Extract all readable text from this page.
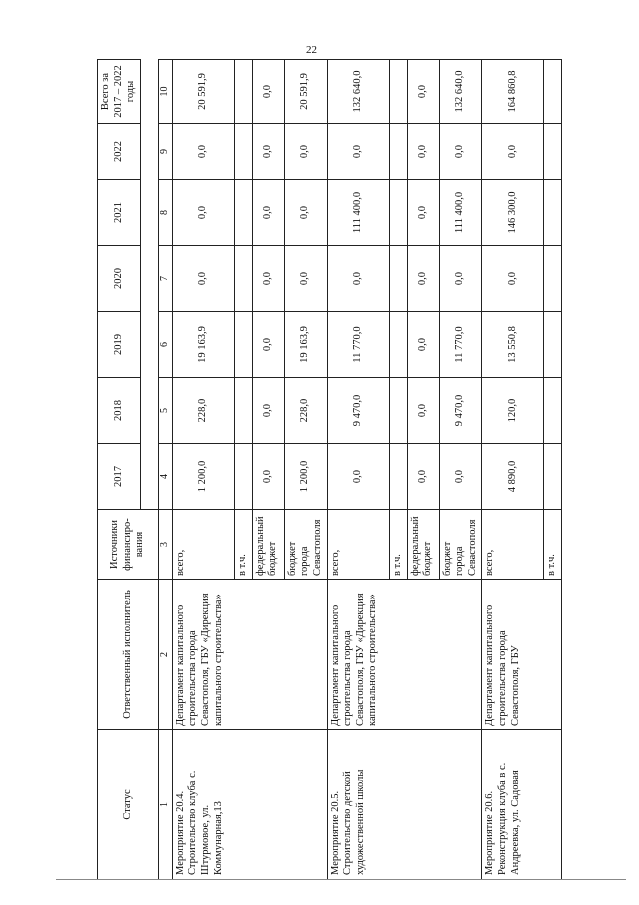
22
Статус	Ответственный исполнитель	Источники финансиро-вания	2017	2018	2019	2020	2021	2022	Всего за 2017 – 2022 годы

1	2	3	4	5	6	7	8	9	10
Мероприятие 20.4. Строительство клуба с. Штурмовое, ул. Коммунарная,13	Департамент капитального строительства города Севастополя, ГБУ «Дирекция капитального строительства»	всего,	1 200,0	228,0	19 163,9	0,0	0,0	0,0	20 591,9
		в т.ч.							
		федеральный бюджет	0,0	0,0	0,0	0,0	0,0	0,0	0,0
		бюджет города Севастополя	1 200,0	228,0	19 163,9	0,0	0,0	0,0	20 591,9
Мероприятие 20.5. Строительство детской художественной школы	Департамент капитального строительства города Севастополя, ГБУ «Дирекция капитального строительства»	всего,	0,0	9 470,0	11 770,0	0,0	111 400,0	0,0	132 640,0
		в т.ч.							
		федеральный бюджет	0,0	0,0	0,0	0,0	0,0	0,0	0,0
		бюджет города Севастополя	0,0	9 470,0	11 770,0	0,0	111 400,0	0,0	132 640,0
Мероприятие 20.6. Реконструкция клуба в с. Андреевка, ул. Садовая	Департамент капитального строительства города Севастополя, ГБУ	всего,	4 890,0	120,0	13 550,8	0,0	146 300,0	0,0	164 860,8
		в т.ч.							
